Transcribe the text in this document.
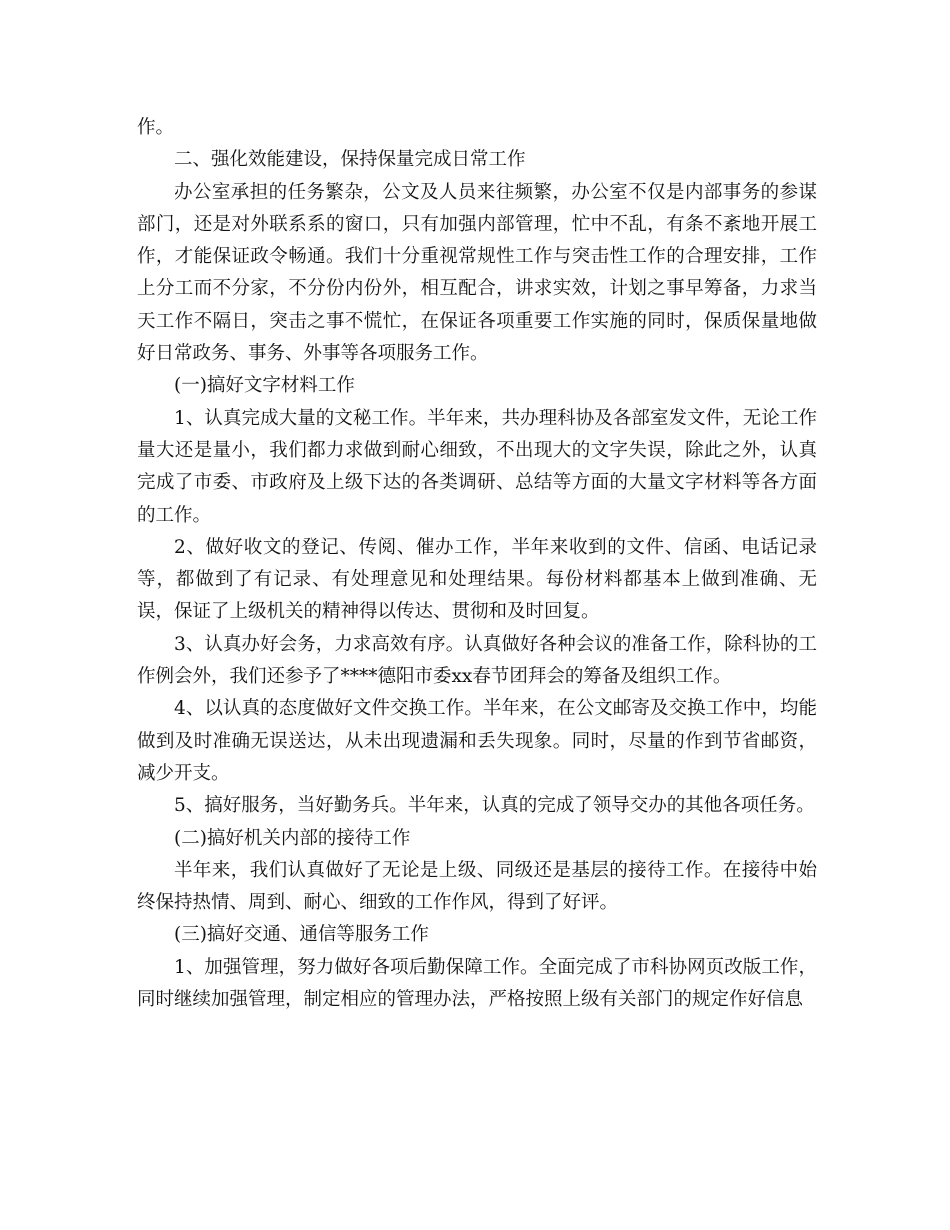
作。

二、强化效能建设，保持保量完成日常工作

办公室承担的任务繁杂，公文及人员来往频繁，办公室不仅是内部事务的参谋部门，还是对外联系系的窗口，只有加强内部管理，忙中不乱，有条不紊地开展工作，才能保证政令畅通。我们十分重视常规性工作与突击性工作的合理安排，工作上分工而不分家，不分份内份外，相互配合，讲求实效，计划之事早筹备，力求当天工作不隔日，突击之事不慌忙，在保证各项重要工作实施的同时，保质保量地做好日常政务、事务、外事等各项服务工作。

(一)搞好文字材料工作

1、认真完成大量的文秘工作。半年来，共办理科协及各部室发文件，无论工作量大还是量小，我们都力求做到耐心细致，不出现大的文字失误，除此之外，认真完成了市委、市政府及上级下达的各类调研、总结等方面的大量文字材料等各方面的工作。

2、做好收文的登记、传阅、催办工作，半年来收到的文件、信函、电话记录等，都做到了有记录、有处理意见和处理结果。每份材料都基本上做到准确、无误，保证了上级机关的精神得以传达、贯彻和及时回复。

3、认真办好会务，力求高效有序。认真做好各种会议的准备工作，除科协的工作例会外，我们还参予了****德阳市委xx春节团拜会的筹备及组织工作。

4、以认真的态度做好文件交换工作。半年来，在公文邮寄及交换工作中，均能做到及时准确无误送达，从未出现遗漏和丢失现象。同时，尽量的作到节省邮资，减少开支。

5、搞好服务，当好勤务兵。半年来，认真的完成了领导交办的其他各项任务。

(二)搞好机关内部的接待工作

半年来，我们认真做好了无论是上级、同级还是基层的接待工作。在接待中始终保持热情、周到、耐心、细致的工作作风，得到了好评。

(三)搞好交通、通信等服务工作

1、加强管理，努力做好各项后勤保障工作。全面完成了市科协网页改版工作，同时继续加强管理，制定相应的管理办法，严格按照上级有关部门的规定作好信息
